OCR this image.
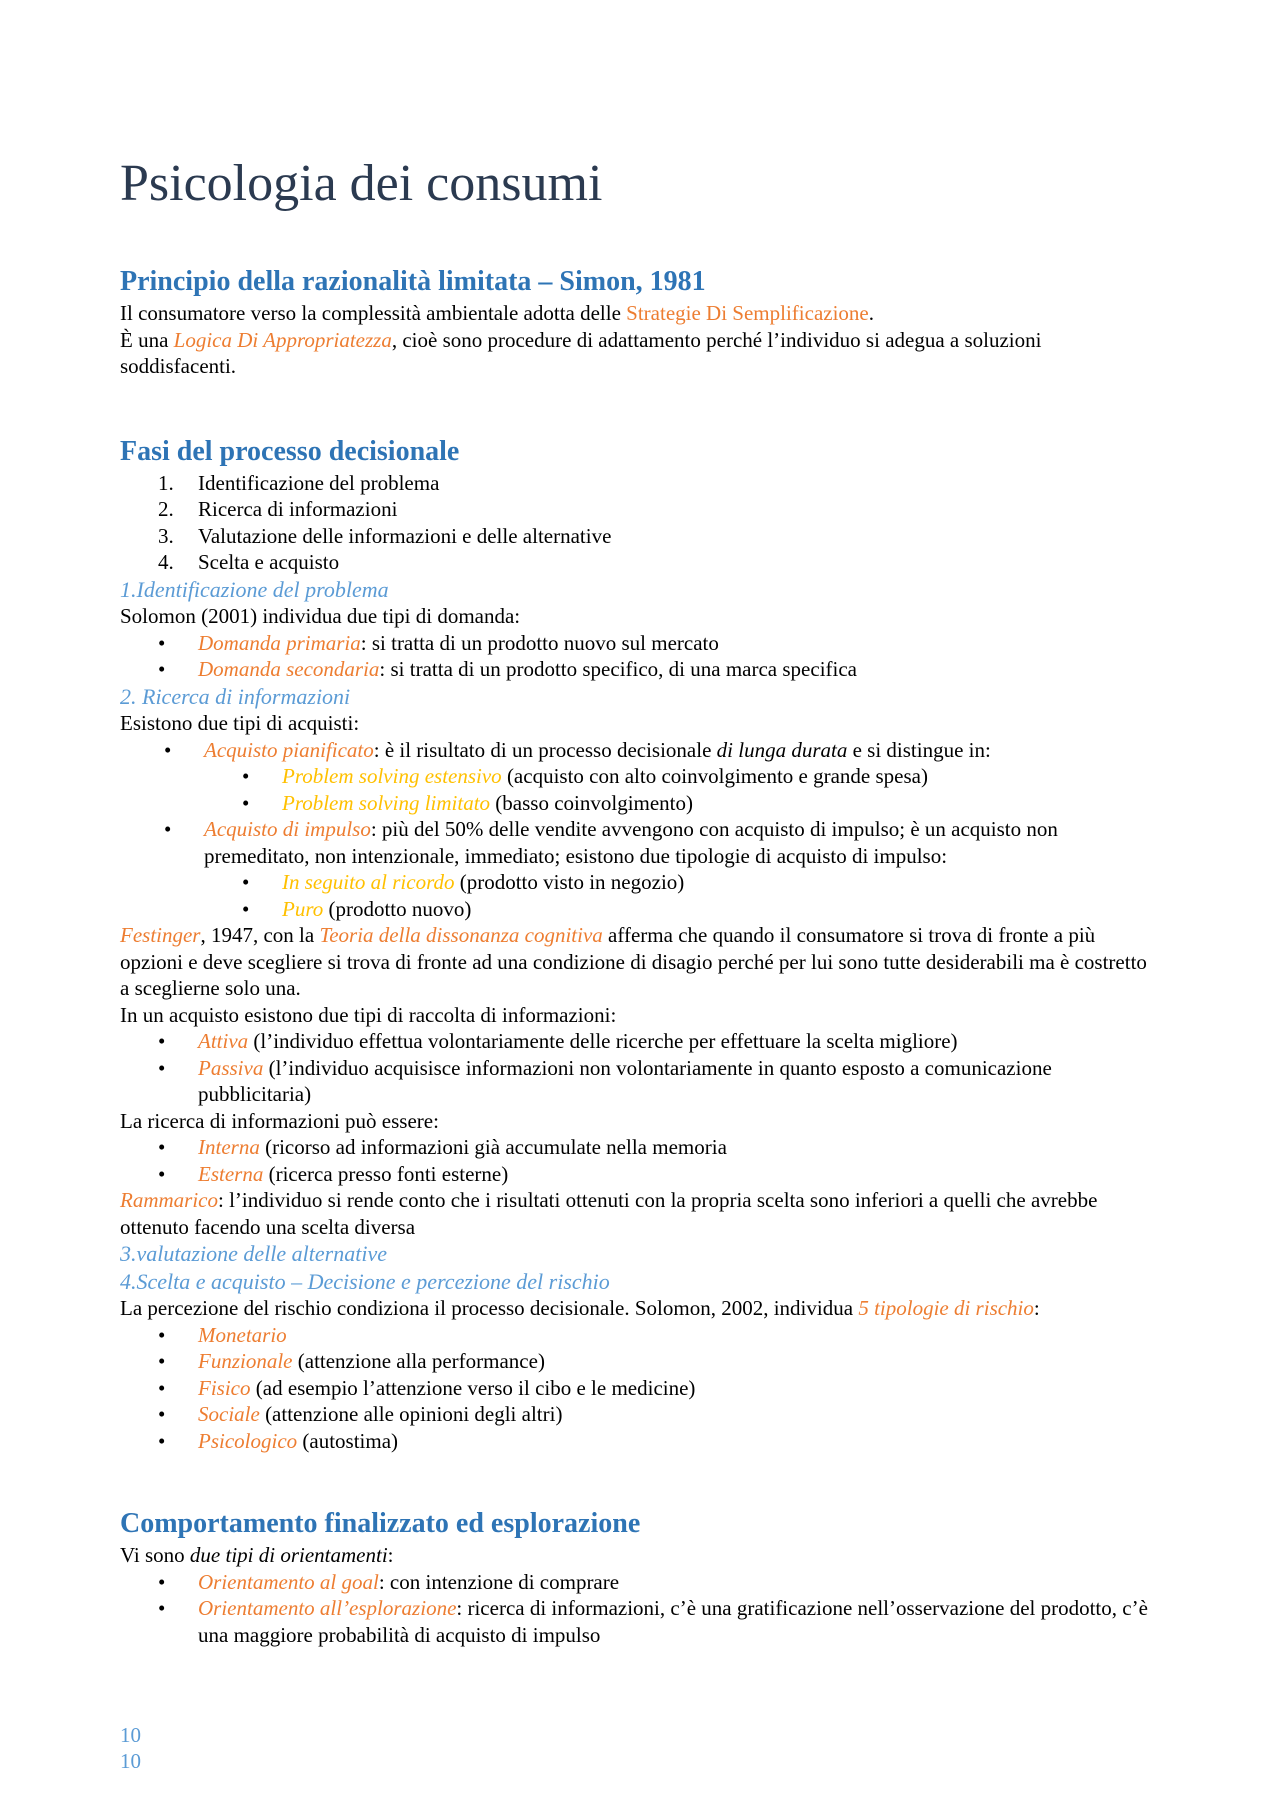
Psicologia dei consumi
Principio della razionalità limitata – Simon, 1981

Il consumatore verso la complessità ambientale adotta delle Strategie Di Semplificazione.

È una Logica Di Appropriatezza, cioè sono procedure di adattamento perché l’individuo si adegua a soluzioni soddisfacenti.

Fasi del processo decisionale
1.	Identificazione del problema
2.	Ricerca di informazioni
3.	Valutazione delle informazioni e delle alternative
4.	Scelta e acquisto

1.Identificazione del problema

Solomon (2001) individua due tipi di domanda:

• Domanda primaria: si tratta di un prodotto nuovo sul mercato
• Domanda secondaria: si tratta di un prodotto specifico, di una marca specifica

2. Ricerca di informazioni

Esistono due tipi di acquisti:

• Acquisto pianificato: è il risultato di un processo decisionale di lunga durata e si distingue in:
• Problem solving estensivo (acquisto con alto coinvolgimento e grande spesa)
• Problem solving limitato (basso coinvolgimento)
• Acquisto di impulso: più del 50% delle vendite avvengono con acquisto di impulso; è un acquisto non premeditato, non intenzionale, immediato; esistono due tipologie di acquisto di impulso:
• In seguito al ricordo (prodotto visto in negozio)
• Puro (prodotto nuovo)

Festinger, 1947, con la Teoria della dissonanza cognitiva afferma che quando il consumatore si trova di fronte a più opzioni e deve scegliere si trova di fronte ad una condizione di disagio perché per lui sono tutte desiderabili ma è costretto a sceglierne solo una.

In un acquisto esistono due tipi di raccolta di informazioni:

• Attiva (l’individuo effettua volontariamente delle ricerche per effettuare la scelta migliore)
• Passiva (l’individuo acquisisce informazioni non volontariamente in quanto esposto a comunicazione pubblicitaria)

La ricerca di informazioni può essere:

• Interna (ricorso ad informazioni già accumulate nella memoria
• Esterna (ricerca presso fonti esterne)

Rammarico: l’individuo si rende conto che i risultati ottenuti con la propria scelta sono inferiori a quelli che avrebbe ottenuto facendo una scelta diversa

3.valutazione delle alternative

4.Scelta e acquisto – Decisione e percezione del rischio

La percezione del rischio condiziona il processo decisionale. Solomon, 2002, individua 5 tipologie di rischio:

• Monetario
• Funzionale (attenzione alla performance)
• Fisico (ad esempio l’attenzione verso il cibo e le medicine)
• Sociale (attenzione alle opinioni degli altri)
• Psicologico (autostima)
Comportamento finalizzato ed esplorazione

Vi sono due tipi di orientamenti:

• Orientamento al goal: con intenzione di comprare
• Orientamento all’esplorazione: ricerca di informazioni, c’è una gratificazione nell’osservazione del prodotto, c’è una maggiore probabilità di acquisto di impulso
10
10
